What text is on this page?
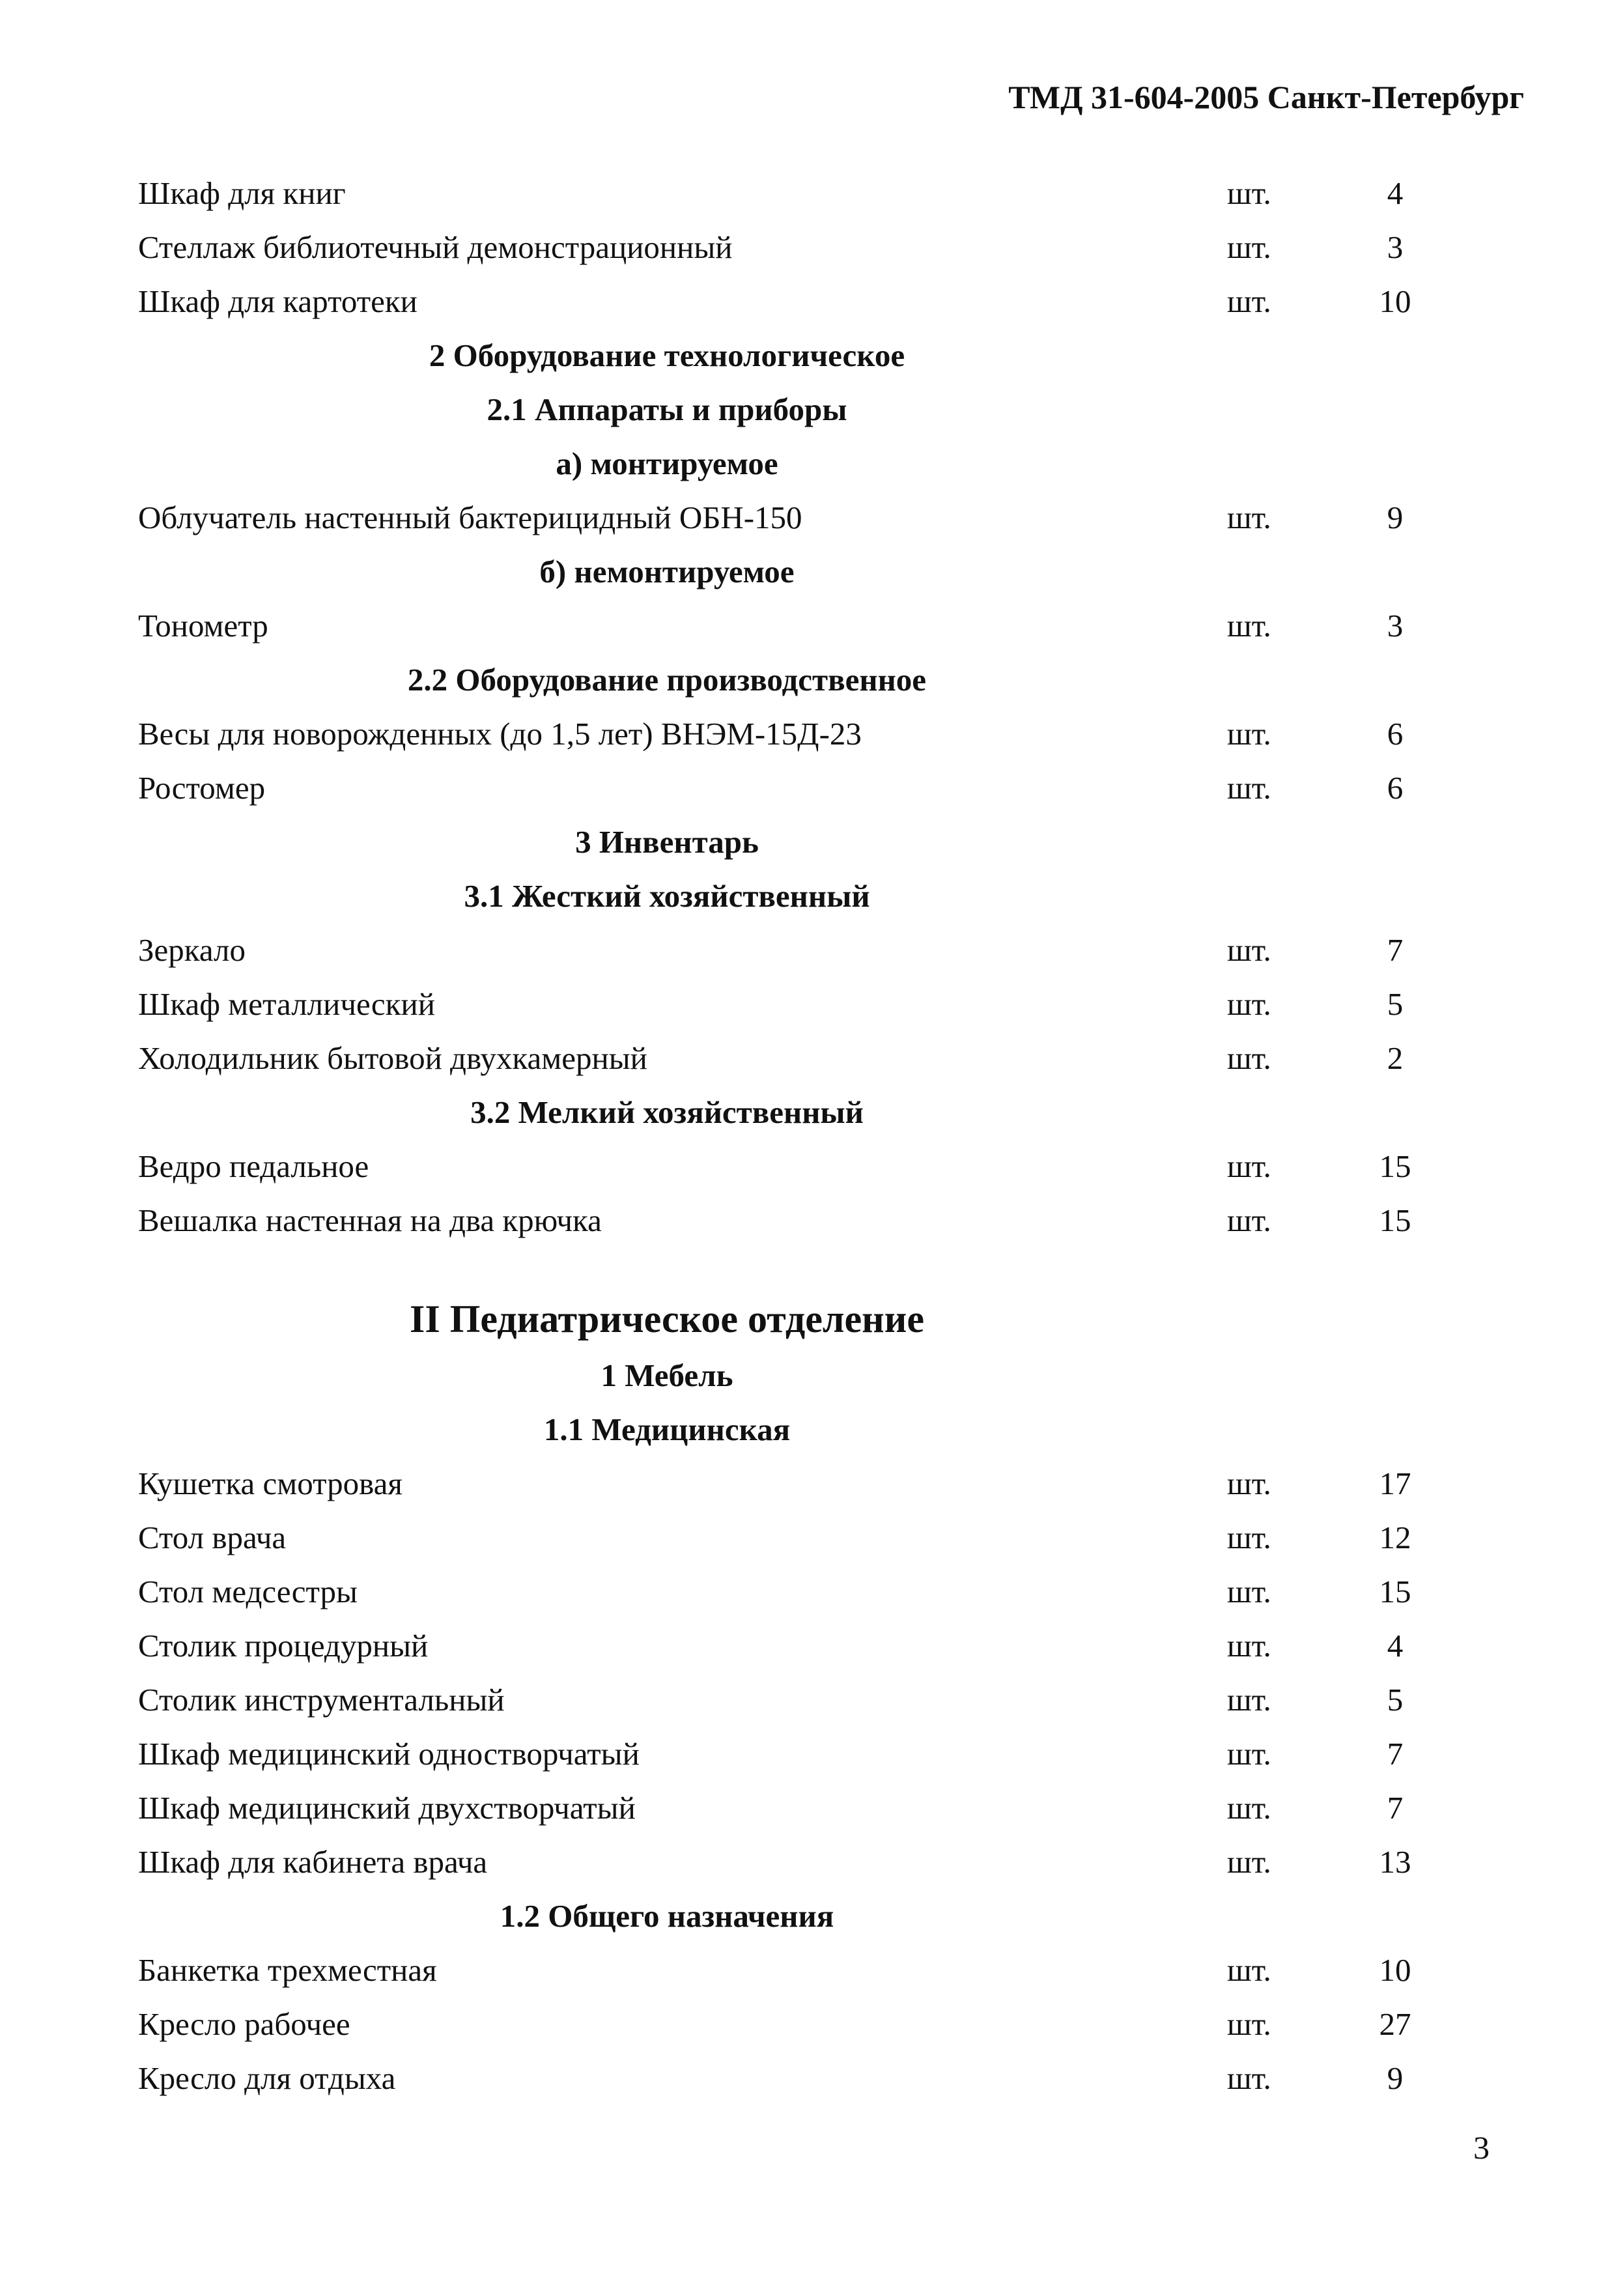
ТМД 31-604-2005 Санкт-Петербург
Шкаф для книг	шт.	4
Стеллаж библиотечный демонстрационный	шт.	3
Шкаф для картотеки	шт.	10
2 Оборудование технологическое
2.1 Аппараты и приборы
а) монтируемое
Облучатель настенный бактерицидный ОБН-150	шт.	9
б) немонтируемое
Тонометр	шт.	3
2.2 Оборудование производственное
Весы для новорожденных (до 1,5 лет) ВНЭМ-15Д-23	шт.	6
Ростомер	шт.	6
3 Инвентарь
3.1 Жесткий хозяйственный
Зеркало	шт.	7
Шкаф металлический	шт.	5
Холодильник бытовой двухкамерный	шт.	2
3.2 Мелкий хозяйственный
Ведро педальное	шт.	15
Вешалка настенная на два крючка	шт.	15
II Педиатрическое отделение
1 Мебель
1.1 Медицинская
Кушетка смотровая	шт.	17
Стол врача	шт.	12
Стол медсестры	шт.	15
Столик процедурный	шт.	4
Столик инструментальный	шт.	5
Шкаф медицинский одностворчатый	шт.	7
Шкаф медицинский двухстворчатый	шт.	7
Шкаф для кабинета врача	шт.	13
1.2 Общего назначения
Банкетка трехместная	шт.	10
Кресло рабочее	шт.	27
Кресло для отдыха	шт.	9
3
